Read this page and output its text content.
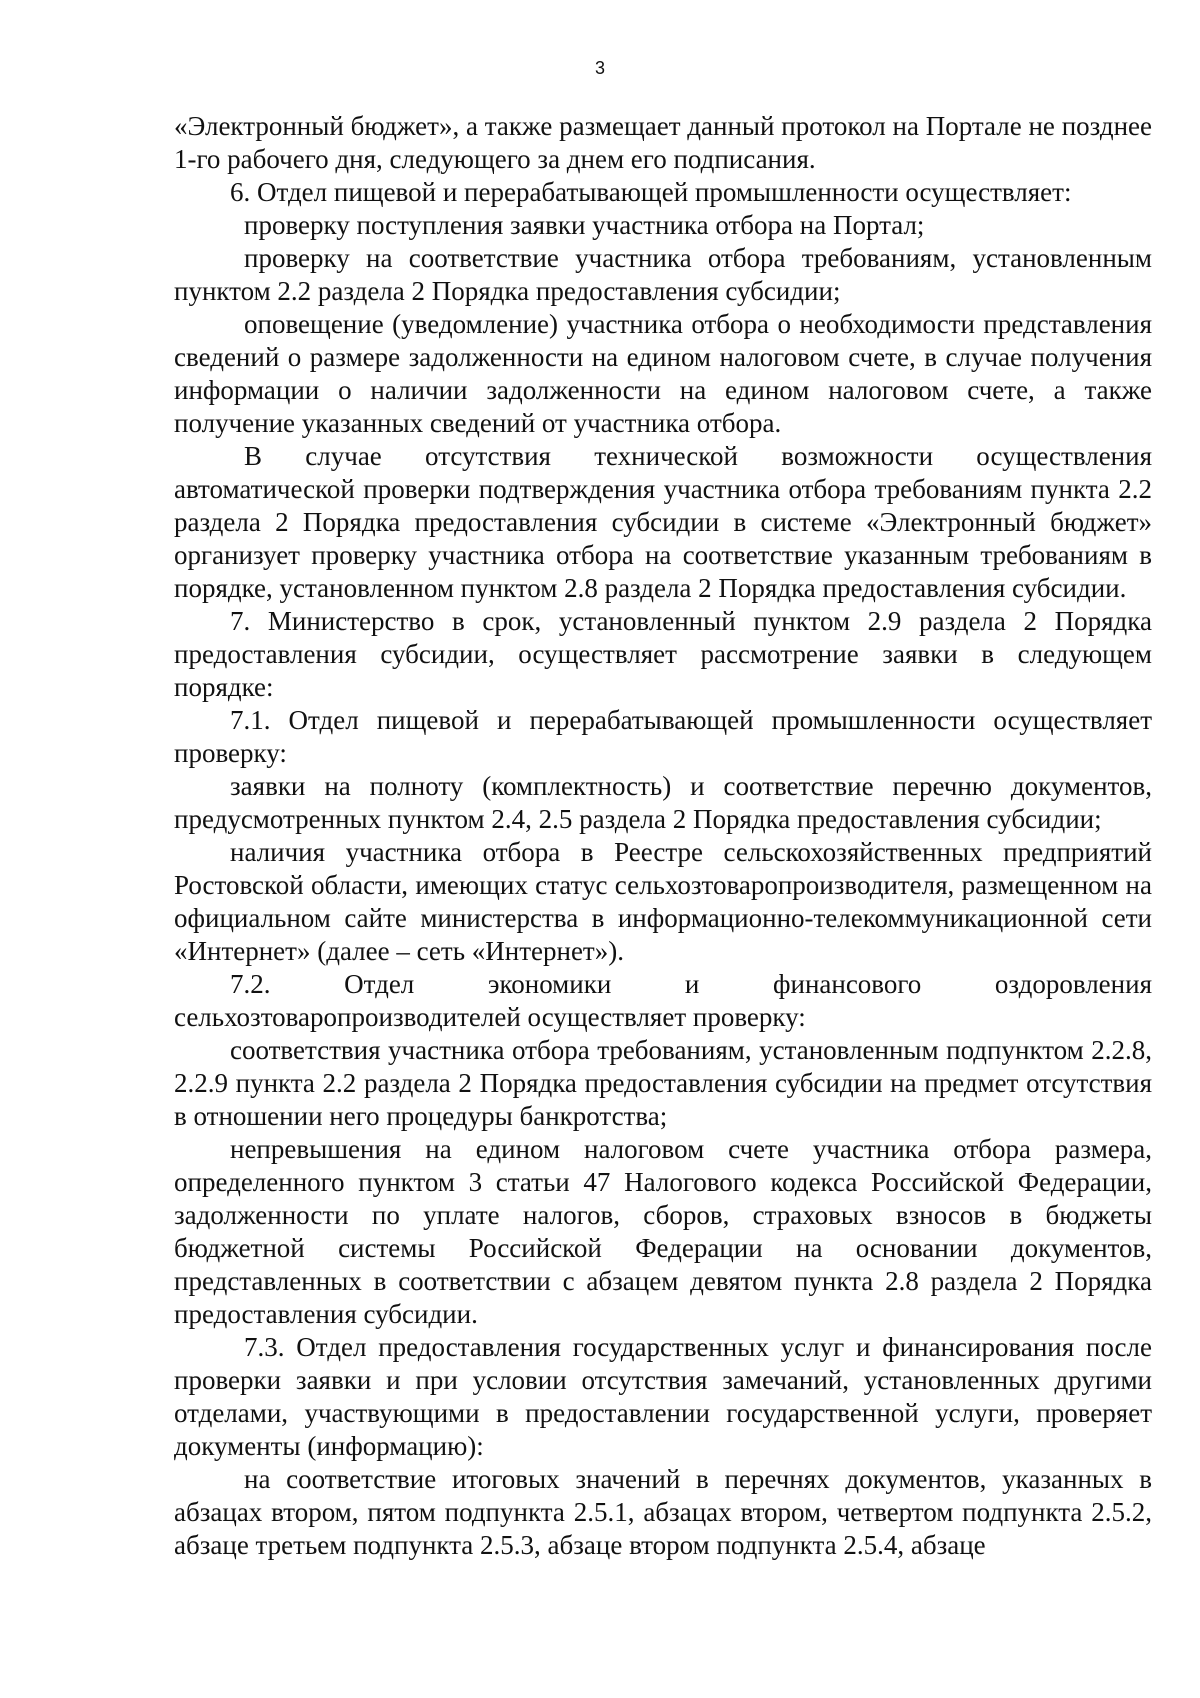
3

«Электронный бюджет», а также размещает данный протокол на Портале не позднее 1-го рабочего дня, следующего за днем его подписания.

6. Отдел пищевой и перерабатывающей промышленности осуществляет:

проверку поступления заявки участника отбора на Портал;

проверку на соответствие участника отбора требованиям, установленным пунктом 2.2 раздела 2 Порядка предоставления субсидии;

оповещение (уведомление) участника отбора о необходимости представления сведений о размере задолженности на едином налоговом счете, в случае получения информации о наличии задолженности на едином налоговом счете, а также получение указанных сведений от участника отбора.

В случае отсутствия технической возможности осуществления автоматической проверки подтверждения участника отбора требованиям пункта 2.2 раздела 2 Порядка предоставления субсидии в системе «Электронный бюджет» организует проверку участника отбора на соответствие указанным требованиям в порядке, установленном пунктом 2.8 раздела 2 Порядка предоставления субсидии.

7. Министерство в срок, установленный пунктом 2.9 раздела 2 Порядка предоставления субсидии, осуществляет рассмотрение заявки в следующем порядке:

7.1. Отдел пищевой и перерабатывающей промышленности осуществляет проверку:

заявки на полноту (комплектность) и соответствие перечню документов, предусмотренных пунктом 2.4, 2.5 раздела 2 Порядка предоставления субсидии;

наличия участника отбора в Реестре сельскохозяйственных предприятий Ростовской области, имеющих статус сельхозтоваропроизводителя, размещенном на официальном сайте министерства в информационно-телекоммуникационной сети «Интернет» (далее – сеть «Интернет»).

7.2. Отдел экономики и финансового оздоровления сельхозтоваропроизводителей осуществляет проверку:

соответствия участника отбора требованиям, установленным подпунктом 2.2.8, 2.2.9 пункта 2.2 раздела 2 Порядка предоставления субсидии на предмет отсутствия в отношении него процедуры банкротства;

непревышения на едином налоговом счете участника отбора размера, определенного пунктом 3 статьи 47 Налогового кодекса Российской Федерации, задолженности по уплате налогов, сборов, страховых взносов в бюджеты бюджетной системы Российской Федерации на основании документов, представленных в соответствии с абзацем девятом пункта 2.8 раздела 2 Порядка предоставления субсидии.

7.3. Отдел предоставления государственных услуг и финансирования после проверки заявки и при условии отсутствия замечаний, установленных другими отделами, участвующими в предоставлении государственной услуги, проверяет документы (информацию):

на соответствие итоговых значений в перечнях документов, указанных в абзацах втором, пятом подпункта 2.5.1, абзацах втором, четвертом подпункта 2.5.2, абзаце третьем подпункта 2.5.3, абзаце втором подпункта 2.5.4, абзаце
